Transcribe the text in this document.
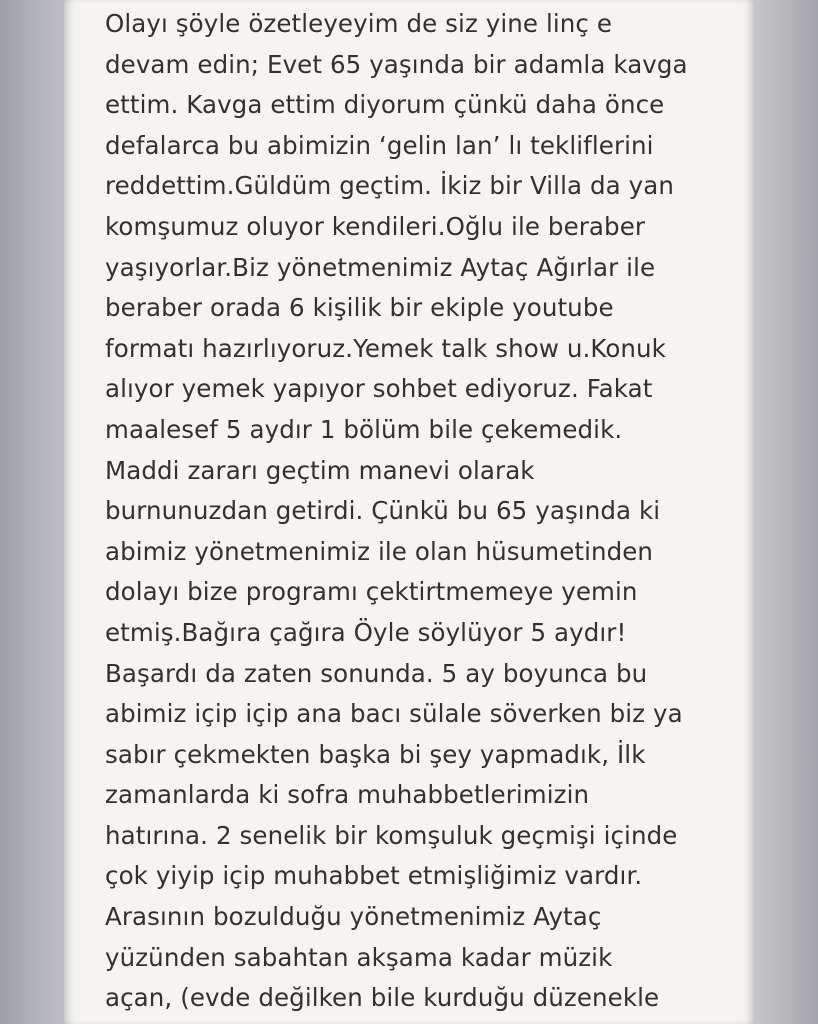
Olayı şöyle özetleyeyim de siz yine linç e
devam edin; Evet 65 yaşında bir adamla kavga
ettim. Kavga ettim diyorum çünkü daha önce
defalarca bu abimizin ‘gelin lan’ lı tekliflerini
reddettim.Güldüm geçtim. İkiz bir Villa da yan
komşumuz oluyor kendileri.Oğlu ile beraber
yaşıyorlar.Biz yönetmenimiz Aytaç Ağırlar ile
beraber orada 6 kişilik bir ekiple youtube
formatı hazırlıyoruz.Yemek talk show u.Konuk
alıyor yemek yapıyor sohbet ediyoruz. Fakat
maalesef 5 aydır 1 bölüm bile çekemedik.
Maddi zararı geçtim manevi olarak
burnunuzdan getirdi. Çünkü bu 65 yaşında ki
abimiz yönetmenimiz ile olan hüsumetinden
dolayı bize programı çektirtmemeye yemin
etmiş.Bağıra çağıra Öyle söylüyor 5 aydır!
Başardı da zaten sonunda. 5 ay boyunca bu
abimiz içip içip ana bacı sülale söverken biz ya
sabır çekmekten başka bi şey yapmadık, İlk
zamanlarda ki sofra muhabbetlerimizin
hatırına. 2 senelik bir komşuluk geçmişi içinde
çok yiyip içip muhabbet etmişliğimiz vardır.
Arasının bozulduğu yönetmenimiz Aytaç
yüzünden sabahtan akşama kadar müzik
açan, (evde değilken bile kurduğu düzenekle
